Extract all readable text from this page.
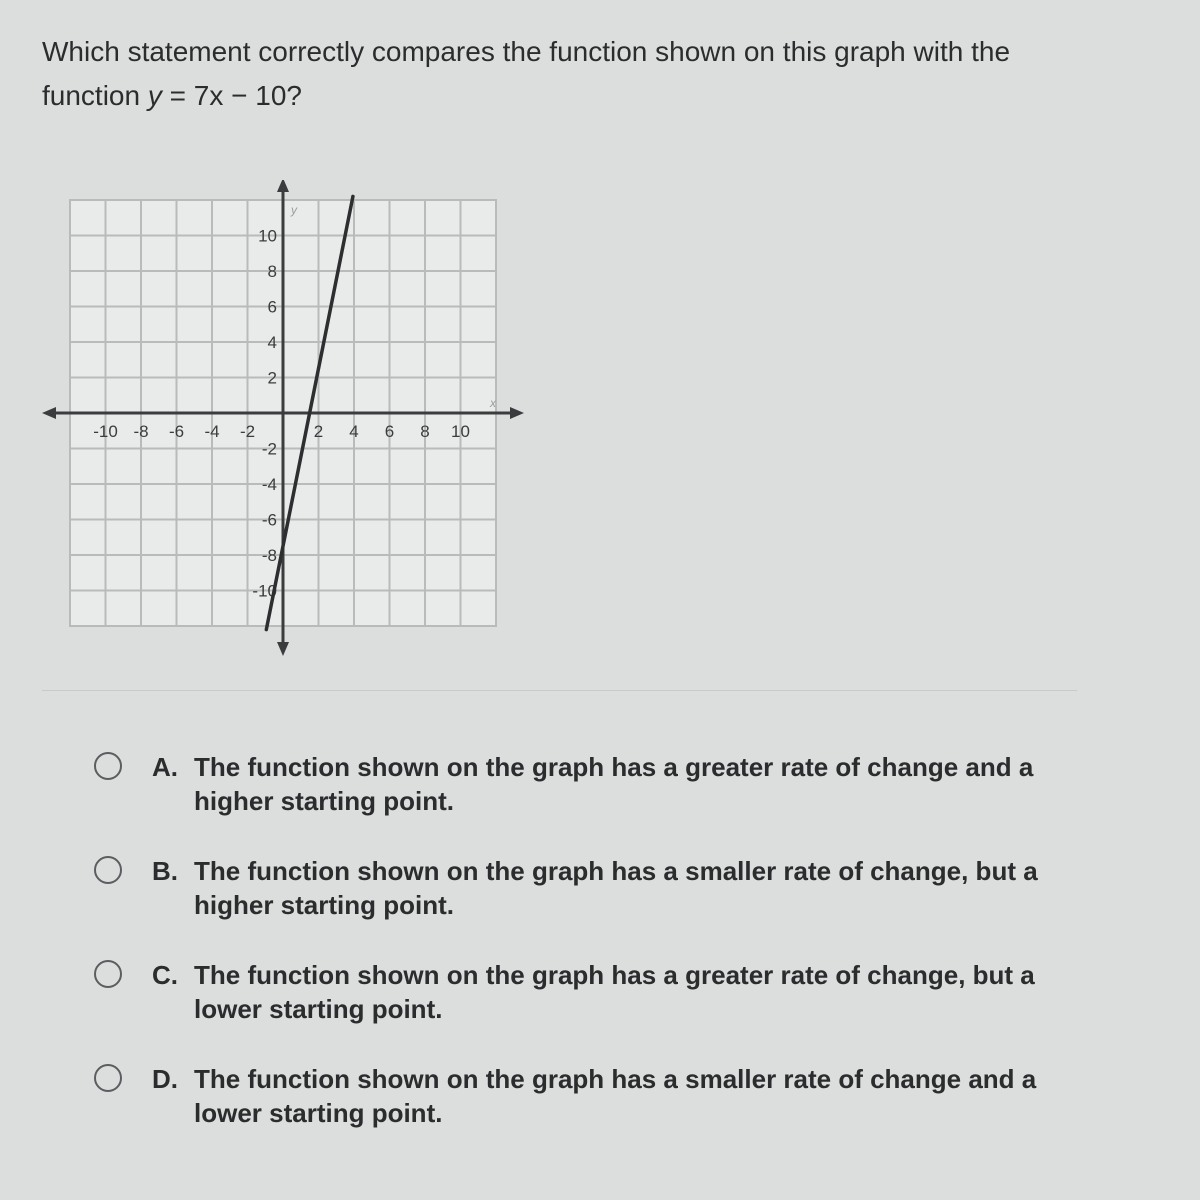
Which statement correctly compares the function shown on this graph with the function y = 7x − 10?

x
y
-10 -8 -6 -4 -2	2 4 6 8 10
10
8
6
4
2
-2
-4
-6
-8
-10
A. The function shown on the graph has a greater rate of change and a higher starting point.
B. The function shown on the graph has a smaller rate of change, but a higher starting point.
C. The function shown on the graph has a greater rate of change, but a lower starting point.
D. The function shown on the graph has a smaller rate of change and a lower starting point.
